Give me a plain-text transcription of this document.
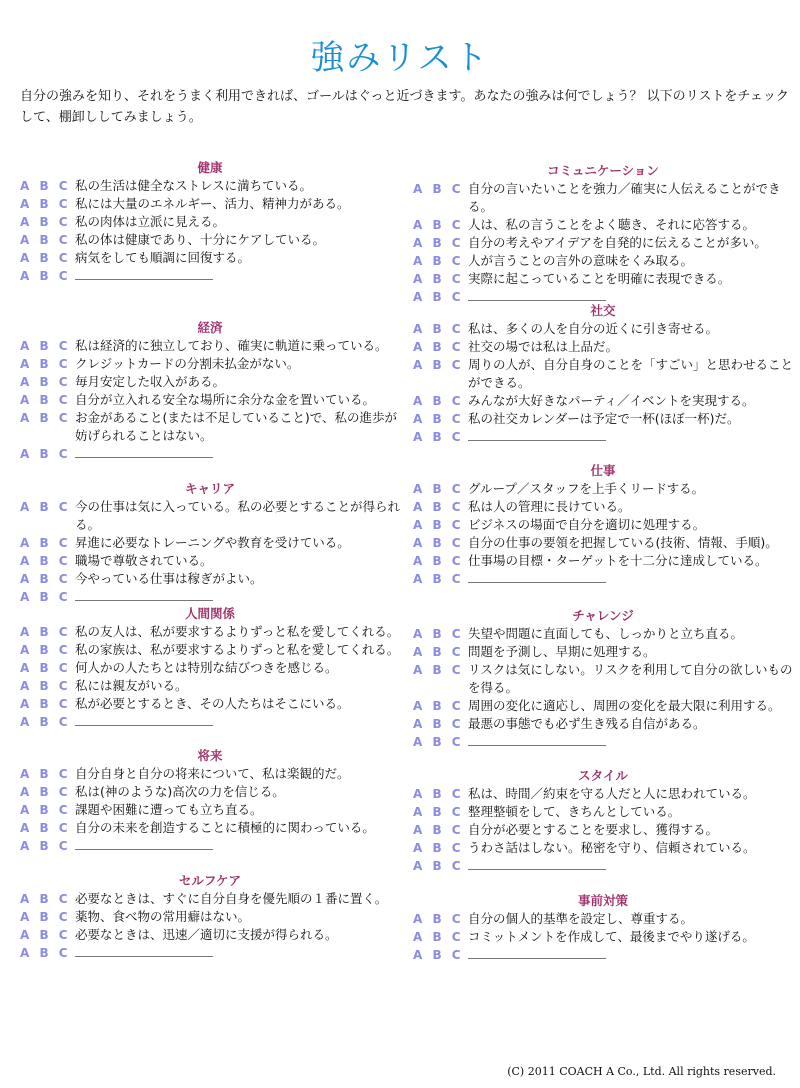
強みリスト
自分の強みを知り、それをうまく利用できれば、ゴールはぐっと近づきます。あなたの強みは何でしょう？ 以下のリストをチェックして、棚卸ししてみましょう。
健康
A B C 私の生活は健全なストレスに満ちている。
A B C 私には大量のエネルギー、活力、精神力がある。
A B C 私の肉体は立派に見える。
A B C 私の体は健康であり、十分にケアしている。
A B C 病気をしても順調に回復する。
A B C
経済
A B C 私は経済的に独立しており、確実に軌道に乗っている。
A B C クレジットカードの分割未払金がない。
A B C 毎月安定した収入がある。
A B C 自分が立入れる安全な場所に余分な金を置いている。
A B C お金があること(または不足していること)で、私の進歩が妨げられることはない。
A B C
キャリア
A B C 今の仕事は気に入っている。私の必要とすることが得られる。
A B C 昇進に必要なトレーニングや教育を受けている。
A B C 職場で尊敬されている。
A B C 今やっている仕事は稼ぎがよい。
A B C
人間関係
A B C 私の友人は、私が要求するよりずっと私を愛してくれる。
A B C 私の家族は、私が要求するよりずっと私を愛してくれる。
A B C 何人かの人たちとは特別な結びつきを感じる。
A B C 私には親友がいる。
A B C 私が必要とするとき、その人たちはそこにいる。
A B C
将来
A B C 自分自身と自分の将来について、私は楽観的だ。
A B C 私は(神のような)高次の力を信じる。
A B C 課題や困難に遭っても立ち直る。
A B C 自分の未来を創造することに積極的に関わっている。
A B C
セルフケア
A B C 必要なときは、すぐに自分自身を優先順の１番に置く。
A B C 薬物、食べ物の常用癖はない。
A B C 必要なときは、迅速／適切に支援が得られる。
A B C
コミュニケーション
A B C 自分の言いたいことを強力／確実に人伝えることができる。
A B C 人は、私の言うことをよく聴き、それに応答する。
A B C 自分の考えやアイデアを自発的に伝えることが多い。
A B C 人が言うことの言外の意味をくみ取る。
A B C 実際に起こっていることを明確に表現できる。
A B C
社交
A B C 私は、多くの人を自分の近くに引き寄せる。
A B C 社交の場では私は上品だ。
A B C 周りの人が、自分自身のことを「すごい」と思わせることができる。
A B C みんなが大好きなパーティ／イベントを実現する。
A B C 私の社交カレンダーは予定で一杯(ほぼ一杯)だ。
A B C
仕事
A B C グループ／スタッフを上手くリードする。
A B C 私は人の管理に長けている。
A B C ビジネスの場面で自分を適切に処理する。
A B C 自分の仕事の要領を把握している(技術、情報、手順)。
A B C 仕事場の目標・ターゲットを十二分に達成している。
A B C
チャレンジ
A B C 失望や問題に直面しても、しっかりと立ち直る。
A B C 問題を予測し、早期に処理する。
A B C リスクは気にしない。リスクを利用して自分の欲しいものを得る。
A B C 周囲の変化に適応し、周囲の変化を最大限に利用する。
A B C 最悪の事態でも必ず生き残る自信がある。
A B C
スタイル
A B C 私は、時間／約束を守る人だと人に思われている。
A B C 整理整頓をして、きちんとしている。
A B C 自分が必要とすることを要求し、獲得する。
A B C うわさ話はしない。秘密を守り、信頼されている。
A B C
事前対策
A B C 自分の個人的基準を設定し、尊重する。
A B C コミットメントを作成して、最後までやり遂げる。
A B C
(C) 2011 COACH A Co., Ltd. All rights reserved.
